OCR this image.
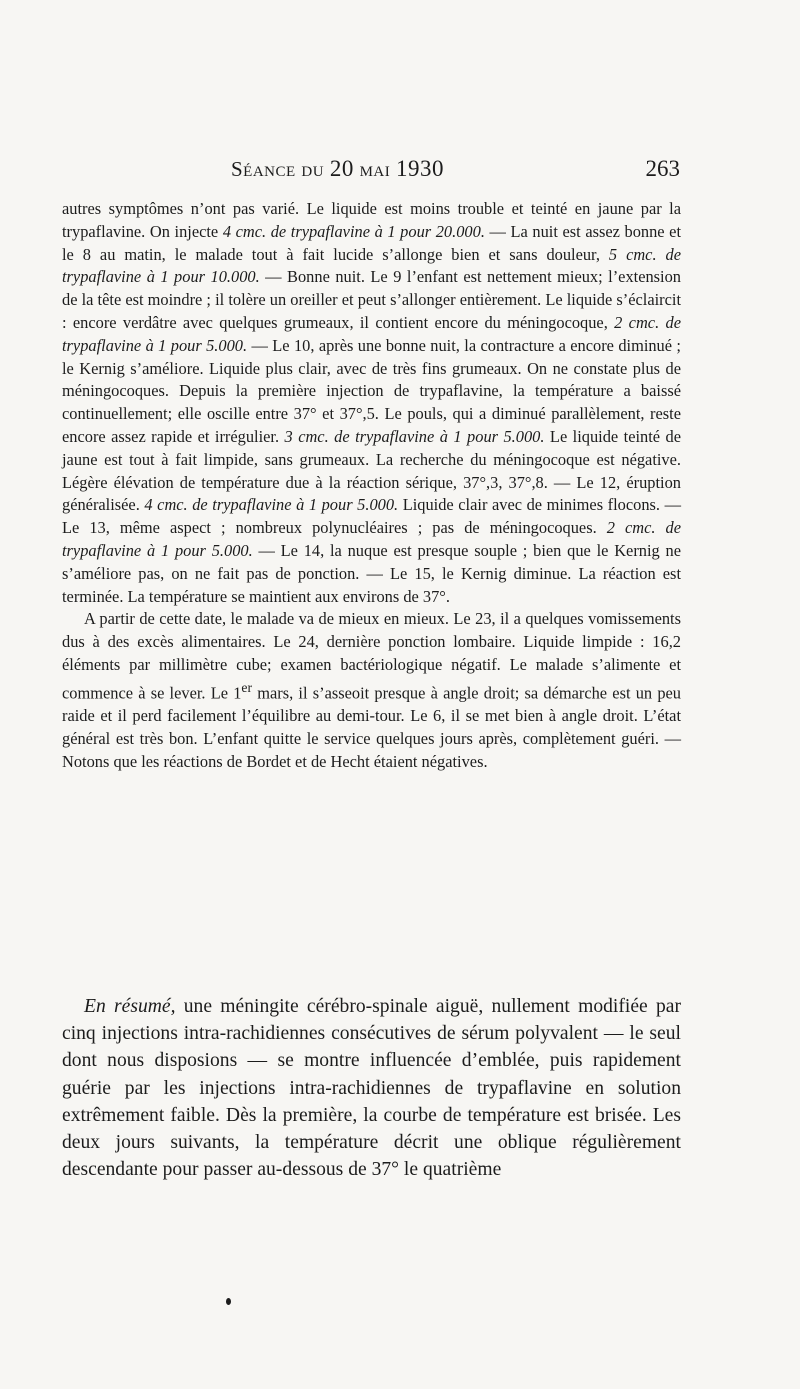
Séance du 20 mai 1930	263

autres symptômes n’ont pas varié. Le liquide est moins trouble et teinté en jaune par la trypaflavine. On injecte 4 cmc. de trypaflavine à 1 pour 20.000. — La nuit est assez bonne et le 8 au matin, le malade tout à fait lucide s’allonge bien et sans douleur, 5 cmc. de trypaflavine à 1 pour 10.000. — Bonne nuit. Le 9 l’enfant est nettement mieux; l’extension de la tête est moindre ; il tolère un oreiller et peut s’allonger entièrement. Le liquide s’éclaircit : encore verdâtre avec quelques grumeaux, il contient encore du méningocoque, 2 cmc. de trypaflavine à 1 pour 5.000. — Le 10, après une bonne nuit, la contracture a encore diminué ; le Kernig s’améliore. Liquide plus clair, avec de très fins grumeaux. On ne constate plus de méningocoques. Depuis la première injection de trypaflavine, la température a baissé continuellement; elle oscille entre 37° et 37°,5. Le pouls, qui a diminué parallèlement, reste encore assez rapide et irrégulier. 3 cmc. de trypaflavine à 1 pour 5.000. Le liquide teinté de jaune est tout à fait limpide, sans grumeaux. La recherche du méningocoque est négative. Légère élévation de température due à la réaction sérique, 37°,3, 37°,8. — Le 12, éruption généralisée. 4 cmc. de trypaflavine à 1 pour 5.000. Liquide clair avec de minimes flocons. — Le 13, même aspect ; nombreux polynucléaires ; pas de méningocoques. 2 cmc. de trypaflavine à 1 pour 5.000. — Le 14, la nuque est presque souple ; bien que le Kernig ne s’améliore pas, on ne fait pas de ponction. — Le 15, le Kernig diminue. La réaction est terminée. La température se maintient aux environs de 37°.

A partir de cette date, le malade va de mieux en mieux. Le 23, il a quelques vomissements dus à des excès alimentaires. Le 24, dernière ponction lombaire. Liquide limpide : 16,2 éléments par millimètre cube; examen bactériologique négatif. Le malade s’alimente et commence à se lever. Le 1er mars, il s’asseoit presque à angle droit; sa démarche est un peu raide et il perd facilement l’équilibre au demi-tour. Le 6, il se met bien à angle droit. L’état général est très bon. L’enfant quitte le service quelques jours après, complètement guéri. — Notons que les réactions de Bordet et de Hecht étaient négatives.

En résumé, une méningite cérébro-spinale aiguë, nullement modifiée par cinq injections intra-rachidiennes consécutives de sérum polyvalent — le seul dont nous disposions — se montre influencée d’emblée, puis rapidement guérie par les injections intra-rachidiennes de trypaflavine en solution extrêmement faible. Dès la première, la courbe de température est brisée. Les deux jours suivants, la température décrit une oblique régulièrement descendante pour passer au-dessous de 37° le quatrième
